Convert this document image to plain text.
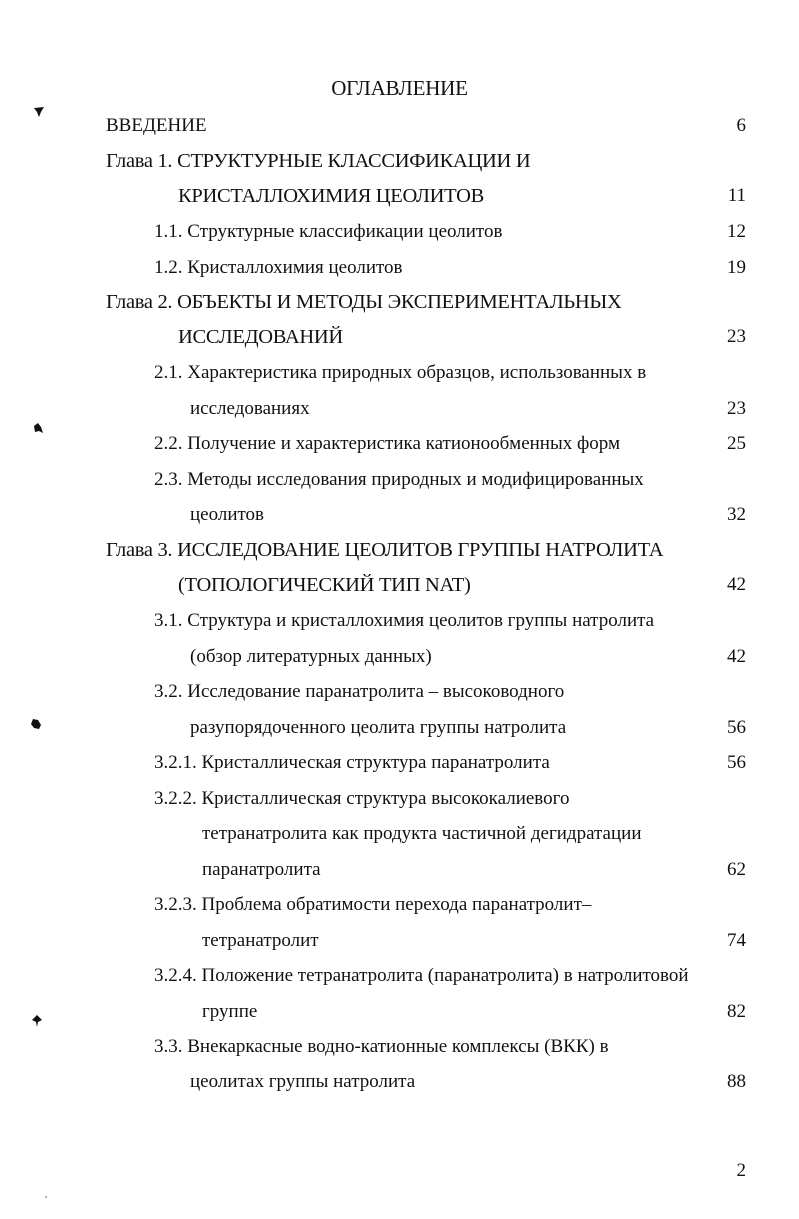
ОГЛАВЛЕНИЕ
ВВЕДЕНИЕ	6
Глава 1. СТРУКТУРНЫЕ КЛАССИФИКАЦИИ И
КРИСТАЛЛОХИМИЯ ЦЕОЛИТОВ	11
1.1. Структурные классификации цеолитов	12
1.2. Кристаллохимия цеолитов	19
Глава 2. ОБЪЕКТЫ И МЕТОДЫ ЭКСПЕРИМЕНТАЛЬНЫХ
ИССЛЕДОВАНИЙ	23
2.1. Характеристика природных образцов, использованных в
исследованиях	23
2.2. Получение и характеристика катионообменных форм	25
2.3. Методы исследования природных и модифицированных
цеолитов	32
Глава 3. ИССЛЕДОВАНИЕ ЦЕОЛИТОВ ГРУППЫ НАТРОЛИТА
(ТОПОЛОГИЧЕСКИЙ ТИП NAT)	42
3.1. Структура и кристаллохимия цеолитов группы натролита
(обзор литературных данных)	42
3.2. Исследование паранатролита – высоководного
разупорядоченного цеолита группы натролита	56
3.2.1. Кристаллическая структура паранатролита	56
3.2.2. Кристаллическая структура высококалиевого
тетранатролита как продукта частичной дегидратации
паранатролита	62
3.2.3. Проблема обратимости перехода паранатролит–
тетранатролит	74
3.2.4. Положение тетранатролита (паранатролита) в натролитовой
группе	82
3.3. Внекаркасные водно-катионные комплексы (ВКК) в
цеолитах группы натролита	88
2
